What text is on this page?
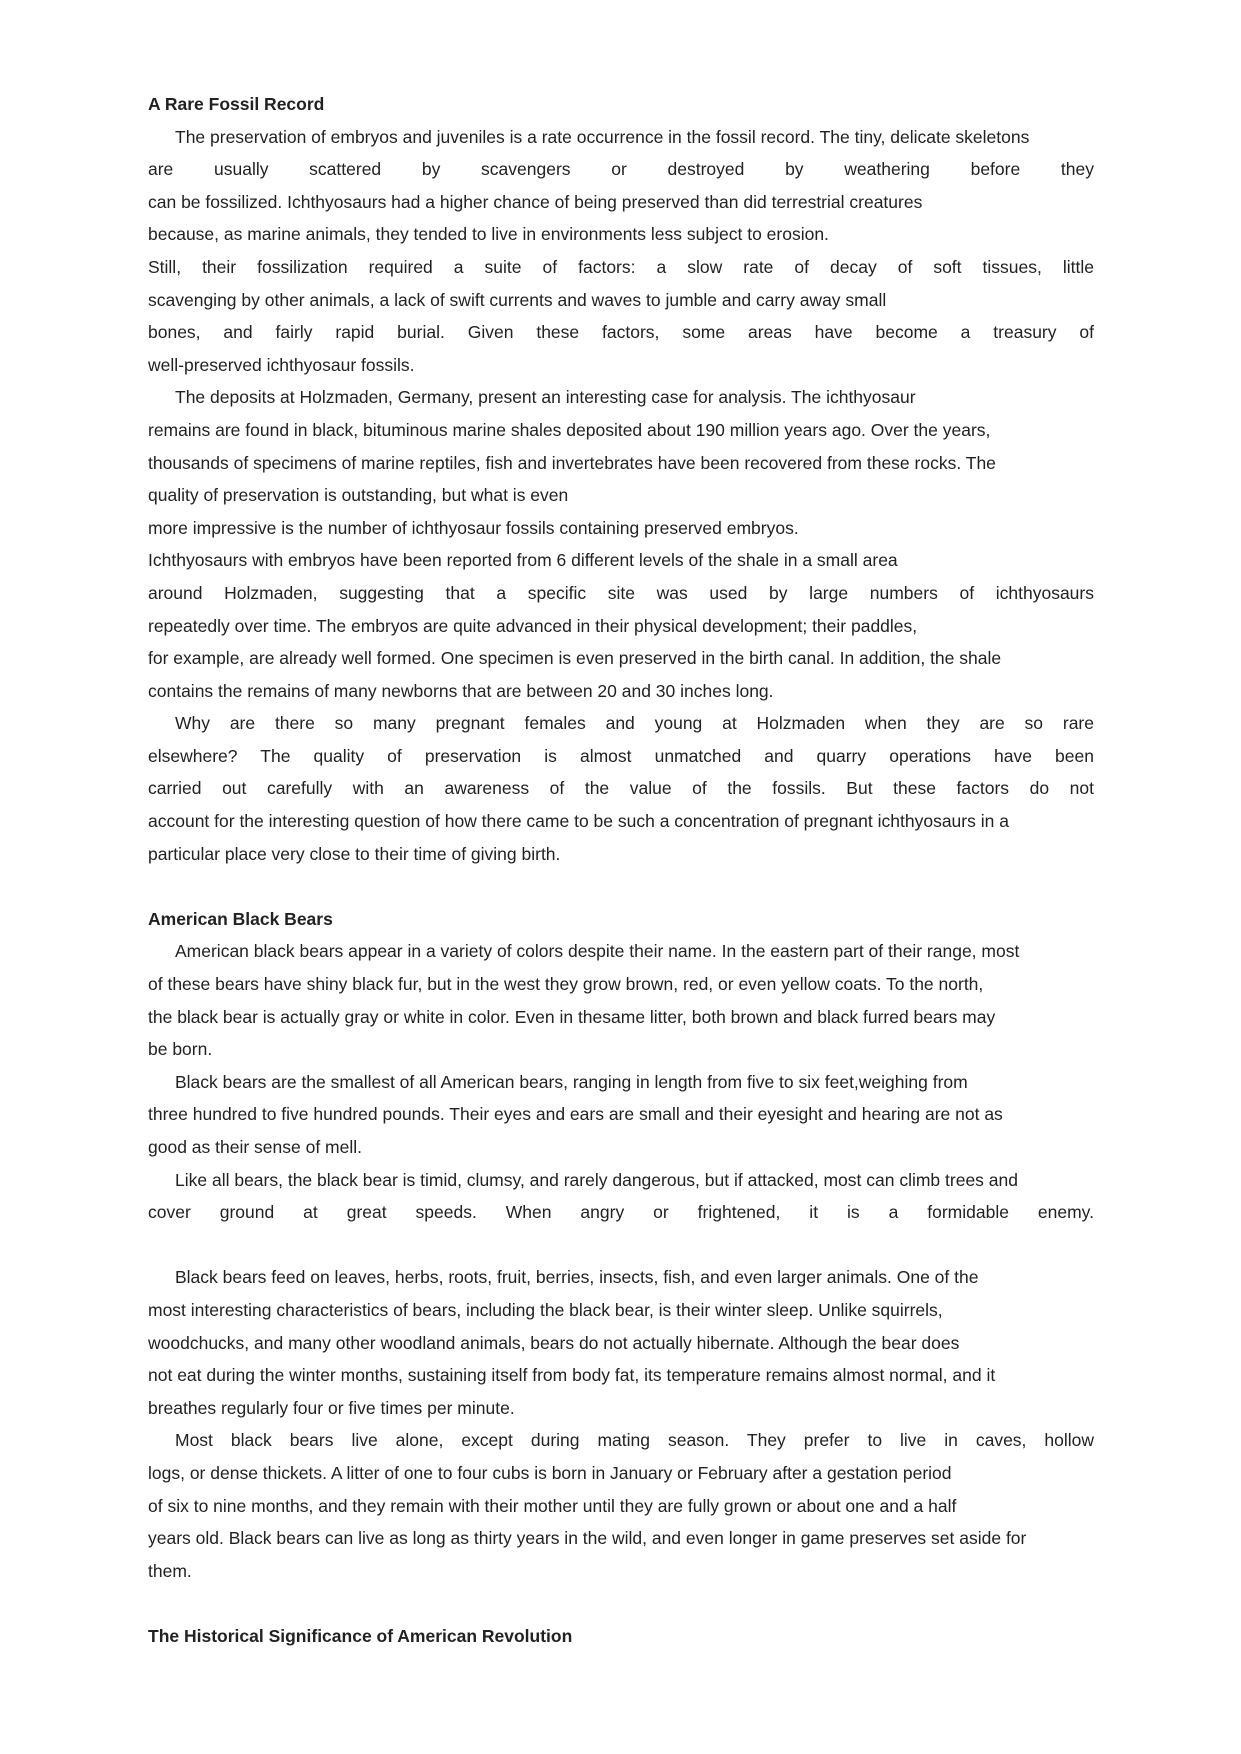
A Rare Fossil Record

The preservation of embryos and juveniles is a rate occurrence in the fossil record. The tiny, delicate skeletons

are usually scattered by scavengers or destroyed by weathering before they

can be fossilized. Ichthyosaurs had a higher chance of being preserved than did terrestrial creatures

because, as marine animals, they tended to live in environments less subject to erosion.

Still, their fossilization required a suite of factors: a slow rate of decay of soft tissues, little

scavenging by other animals, a lack of swift currents and waves to jumble and carry away small

bones, and fairly rapid burial. Given these factors, some areas have become a treasury of

well-preserved ichthyosaur fossils.

The deposits at Holzmaden, Germany, present an interesting case for analysis. The ichthyosaur

remains are found in black, bituminous marine shales deposited about 190 million years ago. Over the years,

thousands of specimens of marine reptiles, fish and invertebrates have been recovered from these rocks. The

quality of preservation is outstanding, but what is even

more impressive is the number of ichthyosaur fossils containing preserved embryos.

Ichthyosaurs with embryos have been reported from 6 different levels of the shale in a small area

around Holzmaden, suggesting that a specific site was used by large numbers of ichthyosaurs

repeatedly over time. The embryos are quite advanced in their physical development; their paddles,

for example, are already well formed. One specimen is even preserved in the birth canal. In addition, the shale

contains the remains of many newborns that are between 20 and 30 inches long.

Why are there so many pregnant females and young at Holzmaden when they are so rare

elsewhere? The quality of preservation is almost unmatched and quarry operations have been

carried out carefully with an awareness of the value of the fossils. But these factors do not

account for the interesting question of how there came to be such a concentration of pregnant ichthyosaurs in a

particular place very close to their time of giving birth.

American Black Bears

American black bears appear in a variety of colors despite their name. In the eastern part of their range, most

of these bears have shiny black fur, but in the west they grow brown, red, or even yellow coats. To the north,

the black bear is actually gray or white in color. Even in thesame litter, both brown and black furred bears may

be born.

Black bears are the smallest of all American bears, ranging in length from five to six feet,weighing from

three hundred to five hundred pounds. Their eyes and ears are small and their eyesight and hearing are not as

good as their sense of mell.

Like all bears, the black bear is timid, clumsy, and rarely dangerous, but if attacked, most can climb trees and

cover ground at great speeds. When angry or frightened, it is a formidable enemy.

Black bears feed on leaves, herbs, roots, fruit, berries, insects, fish, and even larger animals. One of the

most interesting characteristics of bears, including the black bear, is their winter sleep. Unlike squirrels,

woodchucks, and many other woodland animals, bears do not actually hibernate. Although the bear does

not eat during the winter months, sustaining itself from body fat, its temperature remains almost normal, and it

breathes regularly four or five times per minute.

Most black bears live alone, except during mating season. They prefer to live in caves, hollow

logs, or dense thickets. A litter of one to four cubs is born in January or February after a gestation period

of six to nine months, and they remain with their mother until they are fully grown or about one and a half

years old. Black bears can live as long as thirty years in the wild, and even longer in game preserves set aside for

them.

The Historical Significance of American Revolution
